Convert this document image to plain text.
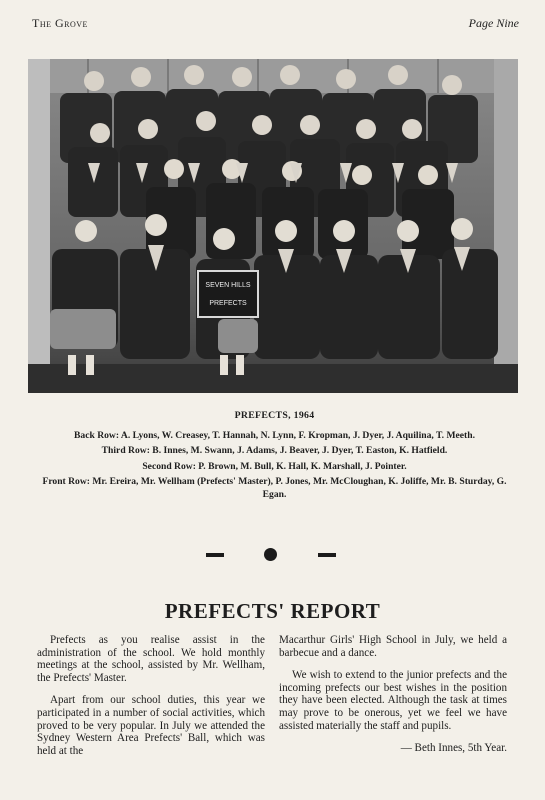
The Grove	Page Nine
SEVEN HILLS
PREFECTS
PREFECTS, 1964
Back Row: A. Lyons, W. Creasey, T. Hannah, N. Lynn, F. Kropman, J. Dyer, J. Aquilina, T. Meeth.
Third Row: B. Innes, M. Swann, J. Adams, J. Beaver, J. Dyer, T. Easton, K. Hatfield.
Second Row: P. Brown, M. Bull, K. Hall, K. Marshall, J. Pointer.
Front Row: Mr. Ereira, Mr. Wellham (Prefects' Master), P. Jones, Mr. McCloughan, K. Joliffe, Mr. B. Sturday, G. Egan.
PREFECTS' REPORT

Prefects as you realise assist in the administration of the school. We hold monthly meetings at the school, assisted by Mr. Wellham, the Prefects' Master.

Apart from our school duties, this year we participated in a number of social activities, which proved to be very popular. In July we attended the Sydney Western Area Prefects' Ball, which was held at the

Macarthur Girls' High School in July, we held a barbecue and a dance.

We wish to extend to the junior prefects and the incoming prefects our best wishes in the position they have been elected. Although the task at times may prove to be onerous, yet we feel we have assisted materially the staff and pupils.

— Beth Innes, 5th Year.
